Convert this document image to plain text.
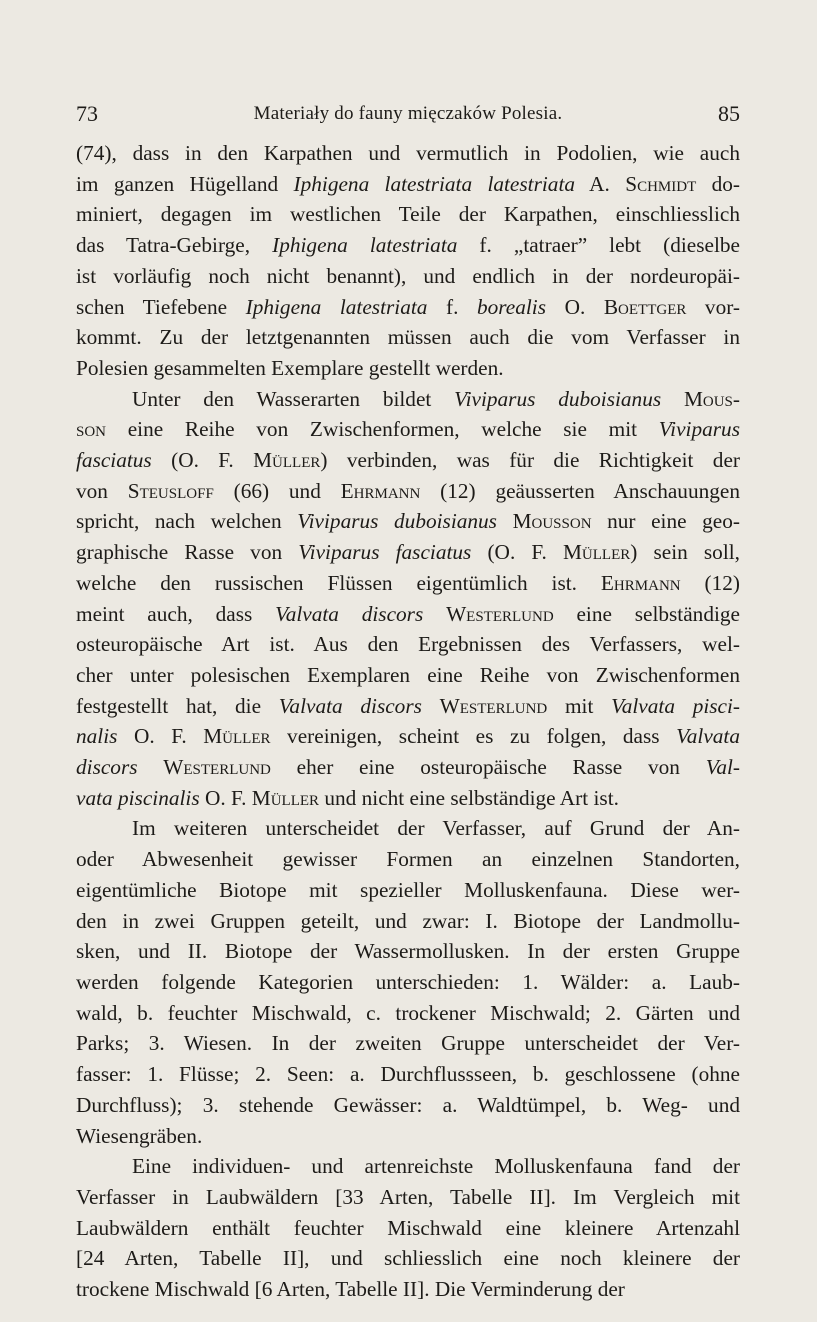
73	Materiały do fauny mięczaków Polesia.	85
(74), dass in den Karpathen und vermutlich in Podolien, wie auch
im ganzen Hügelland Iphigena latestriata latestriata A. Schmidt do-
miniert, degagen im westlichen Teile der Karpathen, einschliesslich
das Tatra-Gebirge, Iphigena latestriata f. „tatraer” lebt (dieselbe
ist vorläufig noch nicht benannt), und endlich in der nordeuropäi-
schen Tiefebene Iphigena latestriata f. borealis O. Boettger vor-
kommt. Zu der letztgenannten müssen auch die vom Verfasser in
Polesien gesammelten Exemplare gestellt werden.
Unter den Wasserarten bildet Viviparus duboisianus Mous-
son eine Reihe von Zwischenformen, welche sie mit Viviparus
fasciatus (O. F. Müller) verbinden, was für die Richtigkeit der
von Steusloff (66) und Ehrmann (12) geäusserten Anschauungen
spricht, nach welchen Viviparus duboisianus Mousson nur eine geo-
graphische Rasse von Viviparus fasciatus (O. F. Müller) sein soll,
welche den russischen Flüssen eigentümlich ist. Ehrmann (12)
meint auch, dass Valvata discors Westerlund eine selbständige
osteuropäische Art ist. Aus den Ergebnissen des Verfassers, wel-
cher unter polesischen Exemplaren eine Reihe von Zwischenformen
festgestellt hat, die Valvata discors Westerlund mit Valvata pisci-
nalis O. F. Müller vereinigen, scheint es zu folgen, dass Valvata
discors Westerlund eher eine osteuropäische Rasse von Val-
vata piscinalis O. F. Müller und nicht eine selbständige Art ist.
Im weiteren unterscheidet der Verfasser, auf Grund der An-
oder Abwesenheit gewisser Formen an einzelnen Standorten,
eigentümliche Biotope mit spezieller Molluskenfauna. Diese wer-
den in zwei Gruppen geteilt, und zwar: I. Biotope der Landmollu-
sken, und II. Biotope der Wassermollusken. In der ersten Gruppe
werden folgende Kategorien unterschieden: 1. Wälder: a. Laub-
wald, b. feuchter Mischwald, c. trockener Mischwald; 2. Gärten und
Parks; 3. Wiesen. In der zweiten Gruppe unterscheidet der Ver-
fasser: 1. Flüsse; 2. Seen: a. Durchflussseen, b. geschlossene (ohne
Durchfluss); 3. stehende Gewässer: a. Waldtümpel, b. Weg- und
Wiesengräben.
Eine individuen- und artenreichste Molluskenfauna fand der
Verfasser in Laubwäldern [33 Arten, Tabelle II]. Im Vergleich mit
Laubwäldern enthält feuchter Mischwald eine kleinere Artenzahl
[24 Arten, Tabelle II], und schliesslich eine noch kleinere der
trockene Mischwald [6 Arten, Tabelle II]. Die Verminderung der
